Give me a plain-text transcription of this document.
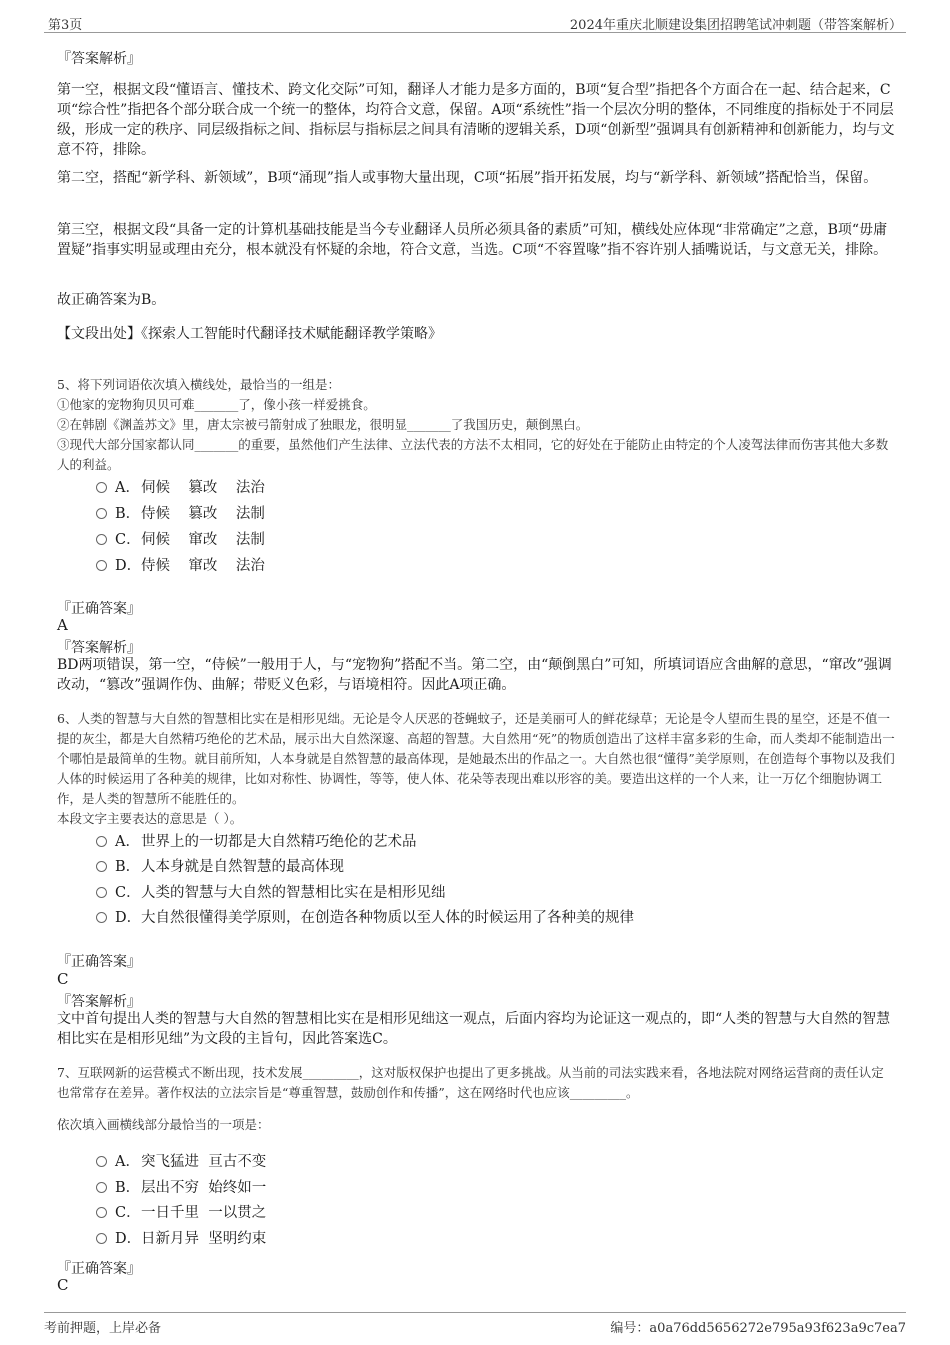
第3页	2024年重庆北顺建设集团招聘笔试冲刺题（带答案解析）
『答案解析』

第一空，根据文段“懂语言、懂技术、跨文化交际”可知，翻译人才能力是多方面的，B项“复合型”指把各个方面合在一起、结合起来，C项“综合性”指把各个部分联合成一个统一的整体，均符合文意，保留。A项“系统性”指一个层次分明的整体，不同维度的指标处于不同层级，形成一定的秩序、同层级指标之间、指标层与指标层之间具有清晰的逻辑关系，D项“创新型”强调具有创新精神和创新能力，均与文意不符，排除。

第二空，搭配“新学科、新领域”，B项“涌现”指人或事物大量出现，C项“拓展”指开拓发展，均与“新学科、新领域”搭配恰当，保留。

第三空，根据文段“具备一定的计算机基础技能是当今专业翻译人员所必须具备的素质”可知，横线处应体现“非常确定”之意，B项“毋庸置疑”指事实明显或理由充分，根本就没有怀疑的余地，符合文意，当选。C项“不容置喙”指不容许别人插嘴说话，与文意无关，排除。

故正确答案为B。
【文段出处】《探索人工智能时代翻译技术赋能翻译教学策略》

5、将下列词语依次填入横线处，最恰当的一组是：

①他家的宠物狗贝贝可难_______了，像小孩一样爱挑食。

②在韩剧《渊盖苏文》里，唐太宗被弓箭射成了独眼龙，很明显_______了我国历史，颠倒黑白。

③现代大部分国家都认同_______的重要，虽然他们产生法律、立法代表的方法不太相同，它的好处在于能防止由特定的个人凌驾法律而伤害其他大多数人的利益。

A．伺候    篡改    法治
B．侍候    篡改    法制
C．伺候    窜改    法制
D．侍候    窜改    法治
『正确答案』
A
『答案解析』

BD两项错误，第一空，“侍候”一般用于人，与“宠物狗”搭配不当。第二空，由“颠倒黑白”可知，所填词语应含曲解的意思，“窜改”强调改动，“篡改”强调作伪、曲解；带贬义色彩，与语境相符。因此A项正确。

6、人类的智慧与大自然的智慧相比实在是相形见绌。无论是令人厌恶的苍蝇蚊子，还是美丽可人的鲜花绿草；无论是令人望而生畏的星空，还是不值一提的灰尘，都是大自然精巧绝伦的艺术品，展示出大自然深邃、高超的智慧。大自然用“死”的物质创造出了这样丰富多彩的生命，而人类却不能制造出一个哪怕是最简单的生物。就目前所知，人本身就是自然智慧的最高体现，是她最杰出的作品之一。大自然也很“懂得”美学原则，在创造每个事物以及我们人体的时候运用了各种美的规律，比如对称性、协调性，等等，使人体、花朵等表现出难以形容的美。要造出这样的一个人来，让一万亿个细胞协调工作，是人类的智慧所不能胜任的。

本段文字主要表达的意思是（ ）。

A．世界上的一切都是大自然精巧绝伦的艺术品
B．人本身就是自然智慧的最高体现
C．人类的智慧与大自然的智慧相比实在是相形见绌
D．大自然很懂得美学原则，在创造各种物质以至人体的时候运用了各种美的规律
『正确答案』
C
『答案解析』

文中首句提出人类的智慧与大自然的智慧相比实在是相形见绌这一观点，后面内容均为论证这一观点的，即“人类的智慧与大自然的智慧相比实在是相形见绌”为文段的主旨句，因此答案选C。

7、互联网新的运营模式不断出现，技术发展_________，这对版权保护也提出了更多挑战。从当前的司法实践来看，各地法院对网络运营商的责任认定也常常存在差异。著作权法的立法宗旨是“尊重智慧，鼓励创作和传播”，这在网络时代也应该_________。

依次填入画横线部分最恰当的一项是：
A．突飞猛进  亘古不变
B．层出不穷  始终如一
C．一日千里  一以贯之
D．日新月异  坚明约束
『正确答案』
C
考前押题，上岸必备	编号：a0a76dd5656272e795a93f623a9c7ea7
